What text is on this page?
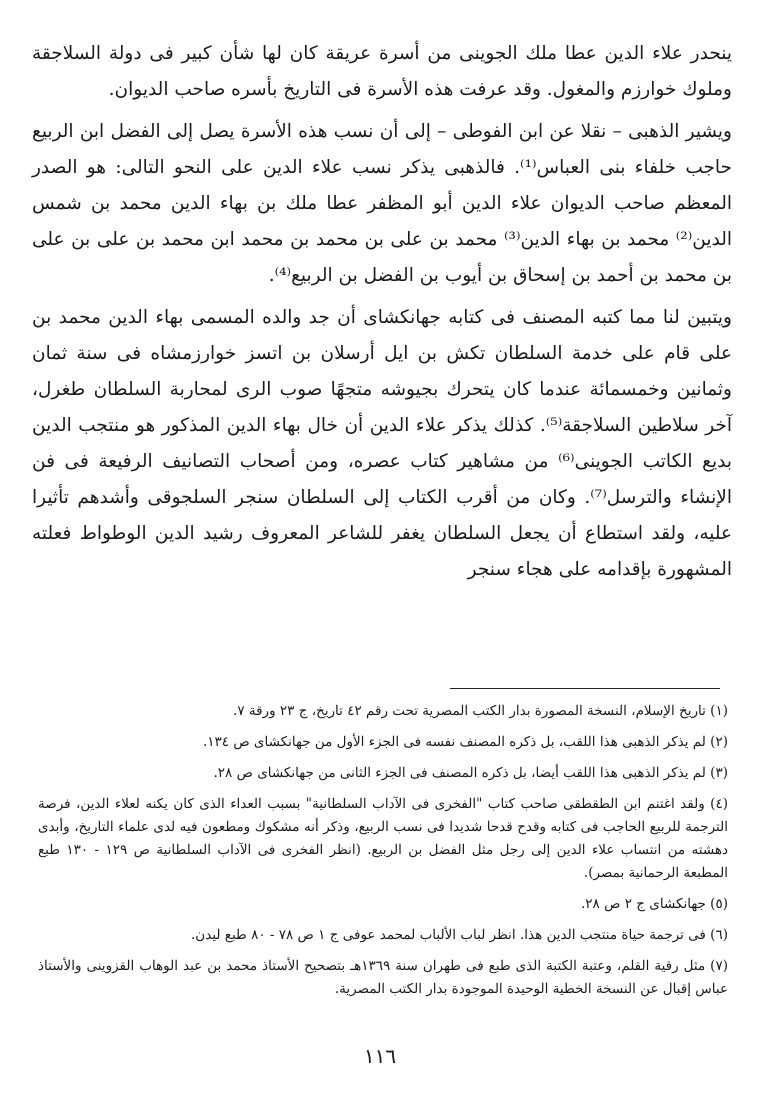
ينحدر علاء الدين عطا ملك الجوينى من أسرة عريقة كان لها شأن كبير فى دولة السلاجقة وملوك خوارزم والمغول. وقد عرفت هذه الأسرة فى التاريخ بأسره صاحب الديوان.

ويشير الذهبى – نقلا عن ابن الفوطى – إلى أن نسب هذه الأسرة يصل إلى الفضل ابن الربيع حاجب خلفاء بنى العباس⁽¹⁾. فالذهبى يذكر نسب علاء الدين على النحو التالى: هو الصدر المعظم صاحب الديوان علاء الدين أبو المظفر عطا ملك بن بهاء الدين محمد بن شمس الدين⁽²⁾ محمد بن بهاء الدين⁽³⁾ محمد بن على بن محمد بن محمد ابن محمد بن على بن على بن محمد بن أحمد بن إسحاق بن أيوب بن الفضل بن الربيع⁽⁴⁾.

ويتبين لنا مما كتبه المصنف فى كتابه جهانكشاى أن جد والده المسمى بهاء الدين محمد بن على قام على خدمة السلطان تكش بن ايل أرسلان بن اتسز خوارزمشاه فى سنة ثمان وثمانين وخمسمائة عندما كان يتحرك بجيوشه متجهًا صوب الرى لمحاربة السلطان طغرل، آخر سلاطين السلاجقة⁽⁵⁾. كذلك يذكر علاء الدين أن خال بهاء الدين المذكور هو منتجب الدين بديع الكاتب الجوينى⁽⁶⁾ من مشاهير كتاب عصره، ومن أصحاب التصانيف الرفيعة فى فن الإنشاء والترسل⁽⁷⁾. وكان من أقرب الكتاب إلى السلطان سنجر السلجوقى وأشدهم تأثيرا عليه، ولقد استطاع أن يجعل السلطان يغفر للشاعر المعروف رشيد الدين الوطواط فعلته المشهورة بإقدامه على هجاء سنجر

(١) تاريخ الإسلام، النسخة المصورة بدار الكتب المصرية تحت رقم ٤٢ تاريخ، ج ٢٣ ورقة ٧.

(٢) لم يذكر الذهبى هذا اللقب، بل ذكره المصنف نفسه فى الجزء الأول من جهانكشاى ص ١٣٤.

(٣) لم يذكر الذهبى هذا اللقب أيضا، بل ذكره المصنف فى الجزء الثانى من جهانكشاى ص ٢٨.

(٤) ولقد اغتنم ابن الطقطقى صاحب كتاب "الفخرى فى الآداب السلطانية" بسبب العداء الذى كان يكنه لعلاء الدين، فرصة الترجمة للربيع الحاجب فى كتابه وقدح قدحا شديدا فى نسب الربيع، وذكر أنه مشكوك ومطعون فيه لدى علماء التاريخ، وأبدى دهشته من انتساب علاء الدين إلى رجل مثل الفضل بن الربيع. (انظر الفخرى فى الآداب السلطانية ص ١٢٩ - ١٣٠ طبع المطبعة الرحمانية بمصر).

(٥) جهانكشاى ج ٢ ص ٢٨.

(٦) فى ترجمة حياة منتجب الدين هذا. انظر لباب الألباب لمحمد عوفى ج ١ ص ٧٨ - ٨٠ طبع ليدن.

(٧) مثل رقية القلم، وعتبة الكتبة الذى طبع فى طهران سنة ١٣٦٩هـ بتصحيح الأستاذ محمد بن عبد الوهاب القزوينى والأستاذ عباس إقبال عن النسخة الخطية الوحيدة الموجودة بدار الكتب المصرية.

١١٦
